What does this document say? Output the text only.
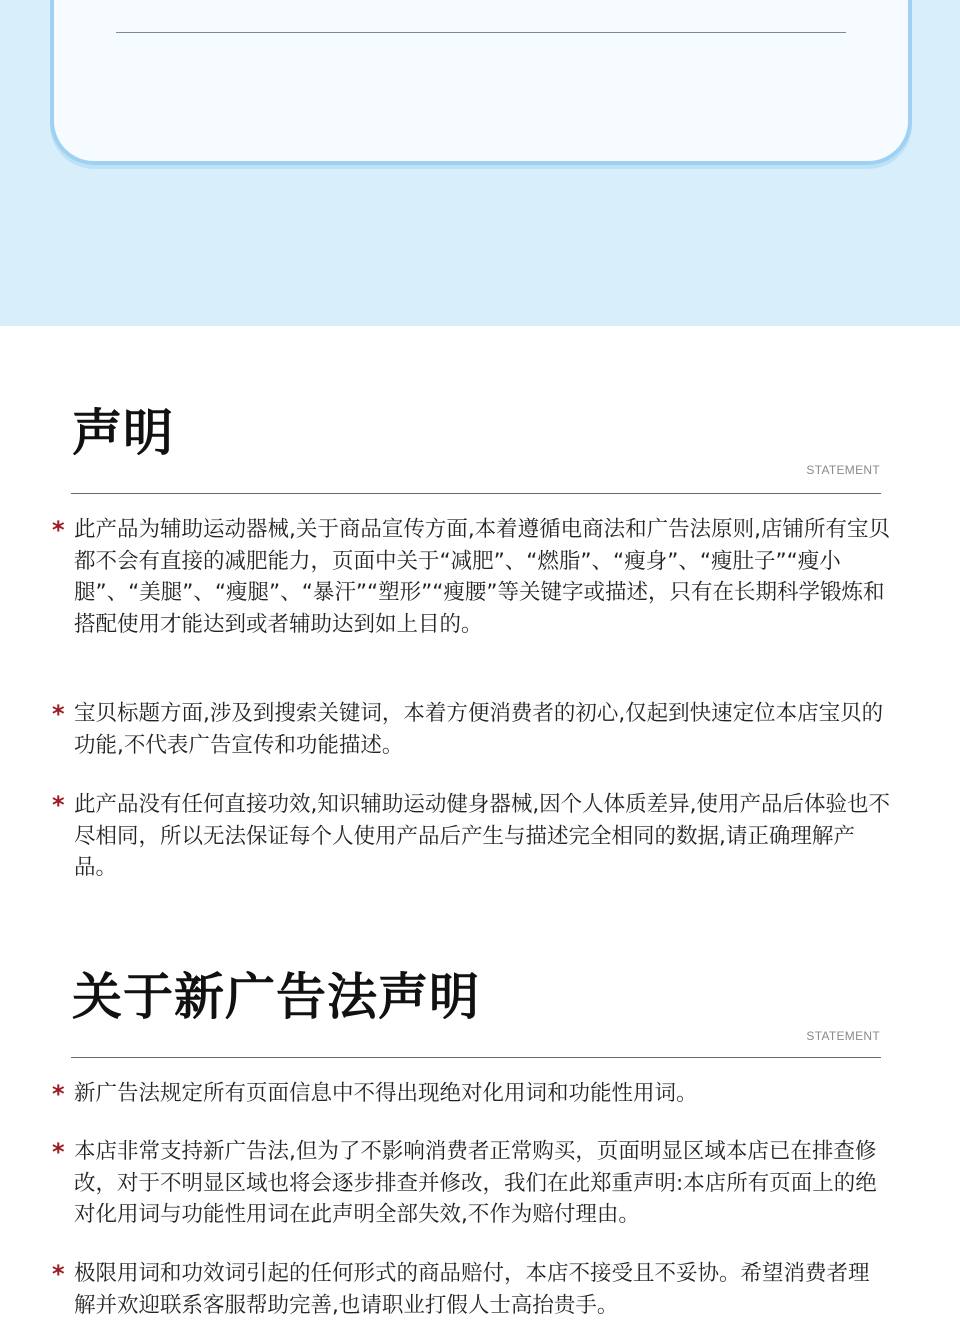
声明
STATEMENT

* 此产品为辅助运动器械,关于商品宣传方面,本着遵循电商法和广告法原则,店铺所有宝贝都不会有直接的减肥能力，页面中关于“减肥”、“燃脂”、“瘦身”、“瘦肚子”“瘦小腿”、“美腿”、“瘦腿”、“暴汗”“塑形”“瘦腰”等关键字或描述，只有在长期科学锻炼和搭配使用才能达到或者辅助达到如上目的。

* 宝贝标题方面,涉及到搜索关键词，本着方便消费者的初心,仅起到快速定位本店宝贝的功能,不代表广告宣传和功能描述。

* 此产品没有任何直接功效,知识辅助运动健身器械,因个人体质差异,使用产品后体验也不尽相同，所以无法保证每个人使用产品后产生与描述完全相同的数据,请正确理解产品。

关于新广告法声明
STATEMENT

* 新广告法规定所有页面信息中不得出现绝对化用词和功能性用词。

* 本店非常支持新广告法,但为了不影响消费者正常购买，页面明显区域本店已在排查修改，对于不明显区域也将会逐步排查并修改，我们在此郑重声明:本店所有页面上的绝对化用词与功能性用词在此声明全部失效,不作为赔付理由。

* 极限用词和功效词引起的任何形式的商品赔付，本店不接受且不妥协。希望消费者理解并欢迎联系客服帮助完善,也请职业打假人士高抬贵手。
